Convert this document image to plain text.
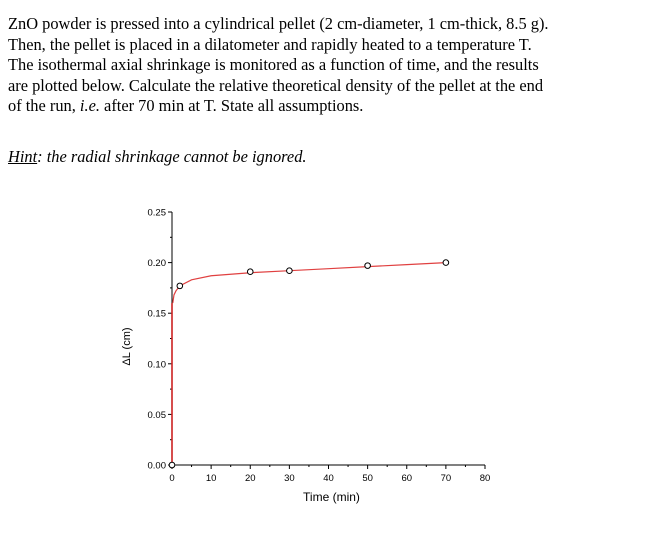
ZnO powder is pressed into a cylindrical pellet (2 cm-diameter, 1 cm-thick, 8.5 g).
Then, the pellet is placed in a dilatometer and rapidly heated to a temperature T.
The isothermal axial shrinkage is monitored as a function of time, and the results
are plotted below. Calculate the relative theoretical density of the pellet at the end
of the run, i.e. after 70 min at T. State all assumptions.

Hint: the radial shrinkage cannot be ignored.
0.00
0.05
0.10
0.15
0.20
0.25
0	10	20	30	40	50	60	70	80
Time (min)
ΔL (cm)
